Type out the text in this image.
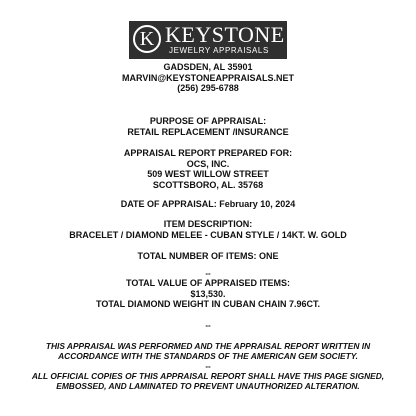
K KEYSTONE
JEWELRY APPRAISALS
GADSDEN, AL 35901
MARVIN@KEYSTONEAPPRAISALS.NET
(256) 295-6788
PURPOSE OF APPRAISAL:
RETAIL REPLACEMENT /INSURANCE
APPRAISAL REPORT PREPARED FOR:
OCS, INC.
509 WEST WILLOW STREET
SCOTTSBORO, AL. 35768
DATE OF APPRAISAL: February 10, 2024
ITEM DESCRIPTION:
BRACELET / DIAMOND MELEE - CUBAN STYLE / 14KT. W. GOLD
TOTAL NUMBER OF ITEMS: ONE
--
TOTAL VALUE OF APPRAISED ITEMS:
$13,530.
TOTAL DIAMOND WEIGHT IN CUBAN CHAIN 7.96CT.
--
THIS APPRAISAL WAS PERFORMED AND THE APPRAISAL REPORT WRITTEN IN
ACCORDANCE WITH THE STANDARDS OF THE AMERICAN GEM SOCIETY.
--
ALL OFFICIAL COPIES OF THIS APPRAISAL REPORT SHALL HAVE THIS PAGE SIGNED,
EMBOSSED, AND LAMINATED TO PREVENT UNAUTHORIZED ALTERATION.
